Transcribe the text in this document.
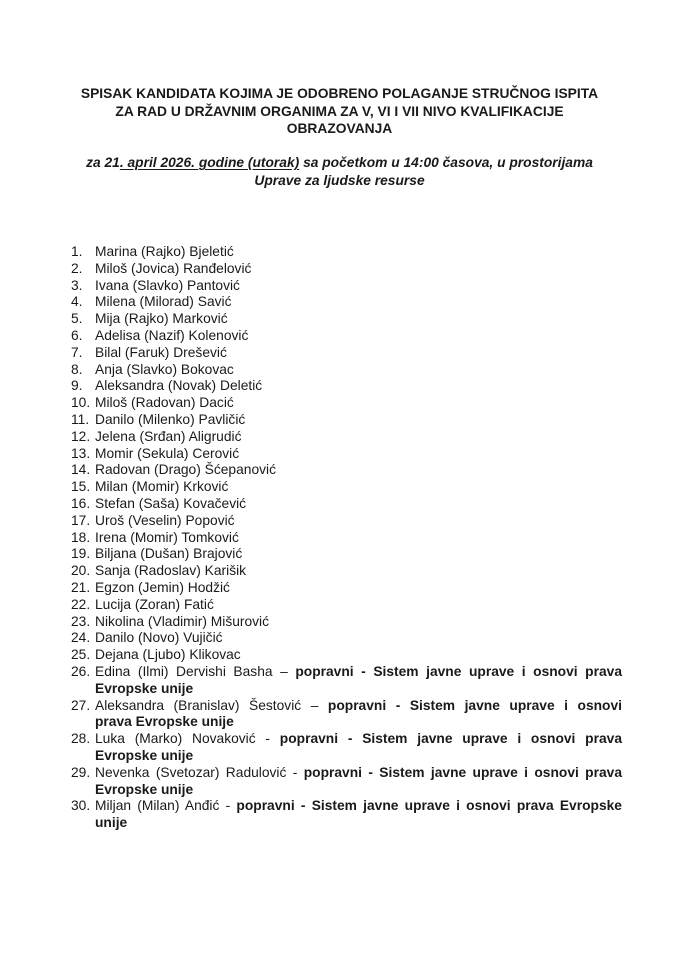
SPISAK KANDIDATA KOJIMA JE ODOBRENO POLAGANJE STRUČNOG ISPITA
ZA RAD U DRŽAVNIM ORGANIMA ZA V, VI I VII NIVO KVALIFIKACIJE
OBRAZOVANJA
za 21. april 2026. godine (utorak) sa početkom u 14:00 časova, u prostorijama
Uprave za ljudske resurse
1. Marina (Rajko) Bjeletić
2. Miloš (Jovica) Ranđelović
3. Ivana (Slavko) Pantović
4. Milena (Milorad) Savić
5. Mija (Rajko) Marković
6. Adelisa (Nazif) Kolenović
7. Bilal (Faruk) Drešević
8. Anja (Slavko) Bokovac
9. Aleksandra (Novak) Deletić
10. Miloš (Radovan) Dacić
11. Danilo (Milenko) Pavličić
12. Jelena (Srđan) Aligrudić
13. Momir (Sekula) Cerović
14. Radovan (Drago) Šćepanović
15. Milan (Momir) Krković
16. Stefan (Saša) Kovačević
17. Uroš (Veselin) Popović
18. Irena (Momir) Tomković
19. Biljana (Dušan) Brajović
20. Sanja (Radoslav) Karišik
21. Egzon (Jemin) Hodžić
22. Lucija (Zoran) Fatić
23. Nikolina (Vladimir) Mišurović
24. Danilo (Novo) Vujičić
25. Dejana (Ljubo) Klikovac
26. Edina (Ilmi) Dervishi Basha – popravni - Sistem javne uprave i osnovi prava
Evropske unije
27. Aleksandra (Branislav) Šestović – popravni - Sistem javne uprave i osnovi
prava Evropske unije
28. Luka (Marko) Novaković - popravni - Sistem javne uprave i osnovi prava
Evropske unije
29. Nevenka (Svetozar) Radulović - popravni - Sistem javne uprave i osnovi prava
Evropske unije
30. Miljan (Milan) Anđić - popravni - Sistem javne uprave i osnovi prava Evropske
unije
